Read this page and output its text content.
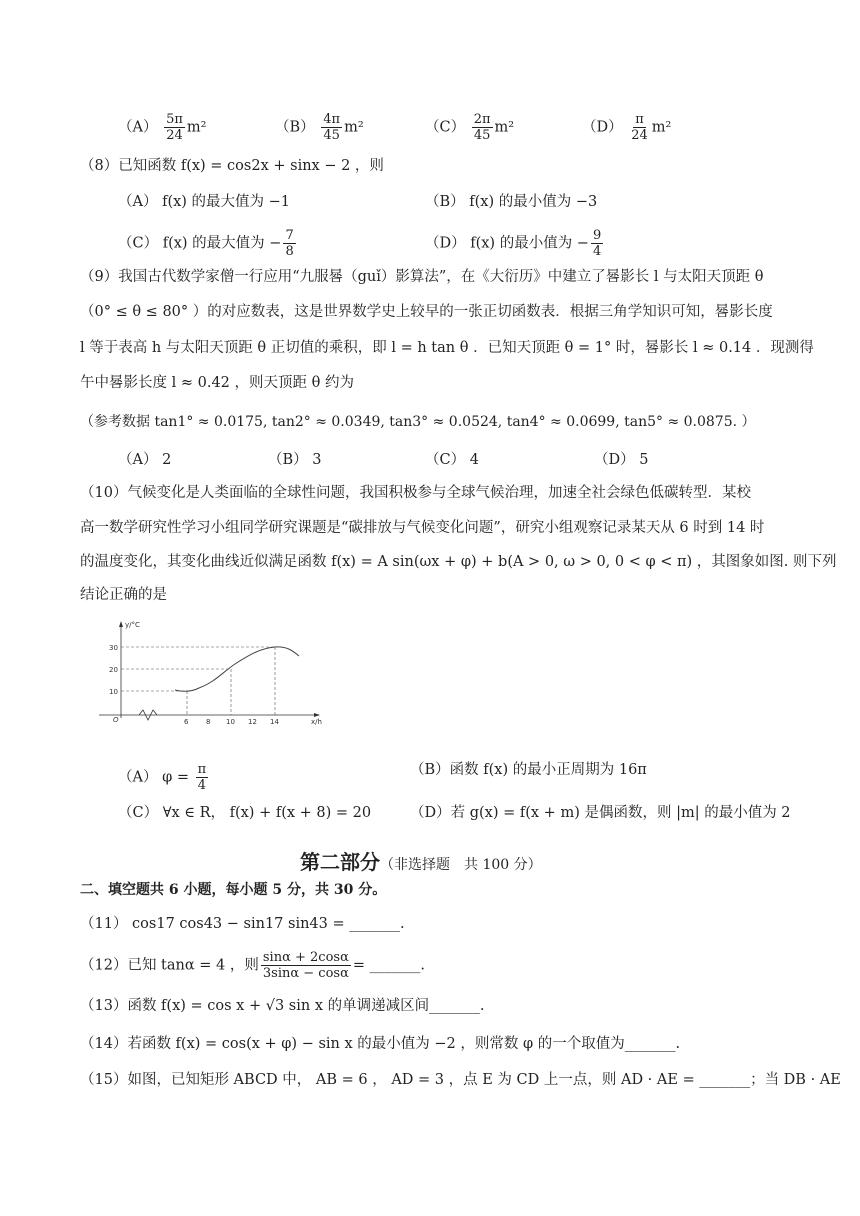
$(A) \frac{5\pi}{24} m^2$	$(B) \frac{4\pi}{45} m^2$	$(C) \frac{2\pi}{45} m^2$	$(D) \frac{\pi}{24} m^2$
（8）已知函数 f(x) = cos2x + sinx − 2 ，则
（A） f(x) 的最大值为 −1	（B） f(x) 的最小值为 −3
（C） f(x) 的最大值为 − $\frac{7}{8}$	（D） f(x) 的最小值为 − $\frac{9}{4}$
（9）我国古代数学家僧一行应用“九服晷（guǐ）影算法”，在《大衍历》中建立了晷影长 l 与太阳天顶距 θ
（0° ≤ θ ≤ 80° ）的对应数表，这是世界数学史上较早的一张正切函数表．根据三角学知识可知，晷影长度
l 等于表高 h 与太阳天顶距 θ 正切值的乘积，即 l = h tan θ ．已知天顶距 θ = 1° 时，晷影长 l ≈ 0.14 ．现测得
午中晷影长度 l ≈ 0.42 ，则天顶距 θ 约为
（参考数据 tan1° ≈ 0.0175, tan2° ≈ 0.0349, tan3° ≈ 0.0524, tan4° ≈ 0.0699, tan5° ≈ 0.0875. ）
（A） 2	（B） 3	（C） 4	（D） 5
（10）气候变化是人类面临的全球性问题，我国积极参与全球气候治理，加速全社会绿色低碳转型．某校
高一数学研究性学习小组同学研究课题是“碳排放与气候变化问题”，研究小组观察记录某天从 6 时到 14 时
的温度变化，其变化曲线近似满足函数 f(x) = A sin(ωx + φ) + b(A > 0, ω > 0, 0 < φ < π) ，其图象如图. 则下列
结论正确的是
y/°C
x/h
O
30
20
10
6	8 10 12 14
（A） $\varphi = \frac{\pi}{4}$	（B）函数 f(x) 的最小正周期为 16π
（C） ∀x ∈ R， f(x) + f(x + 8) = 20	（D）若 g(x) = f(x + m) 是偶函数，则 |m| 的最小值为 2
第二部分（非选择题　共 100 分）
二、填空题共 6 小题，每小题 5 分，共 30 分。
（11） cos17 cos43 − sin17 sin43 = _______.
（12）已知 tanα = 4 ，则 $\frac{\sin\alpha + 2\cos\alpha}{3\sin\alpha - \cos\alpha}$ = _______.
（13）函数 f(x) = cos x + √3 sin x 的单调递减区间_______.
（14）若函数 f(x) = cos(x + φ) − sin x 的最小值为 −2 ，则常数 φ 的一个取值为_______.
（15）如图，已知矩形 ABCD 中， AB = 6 ， AD = 3 ，点 E 为 CD 上一点，则 AD · AE = _______；当 DB · AE
